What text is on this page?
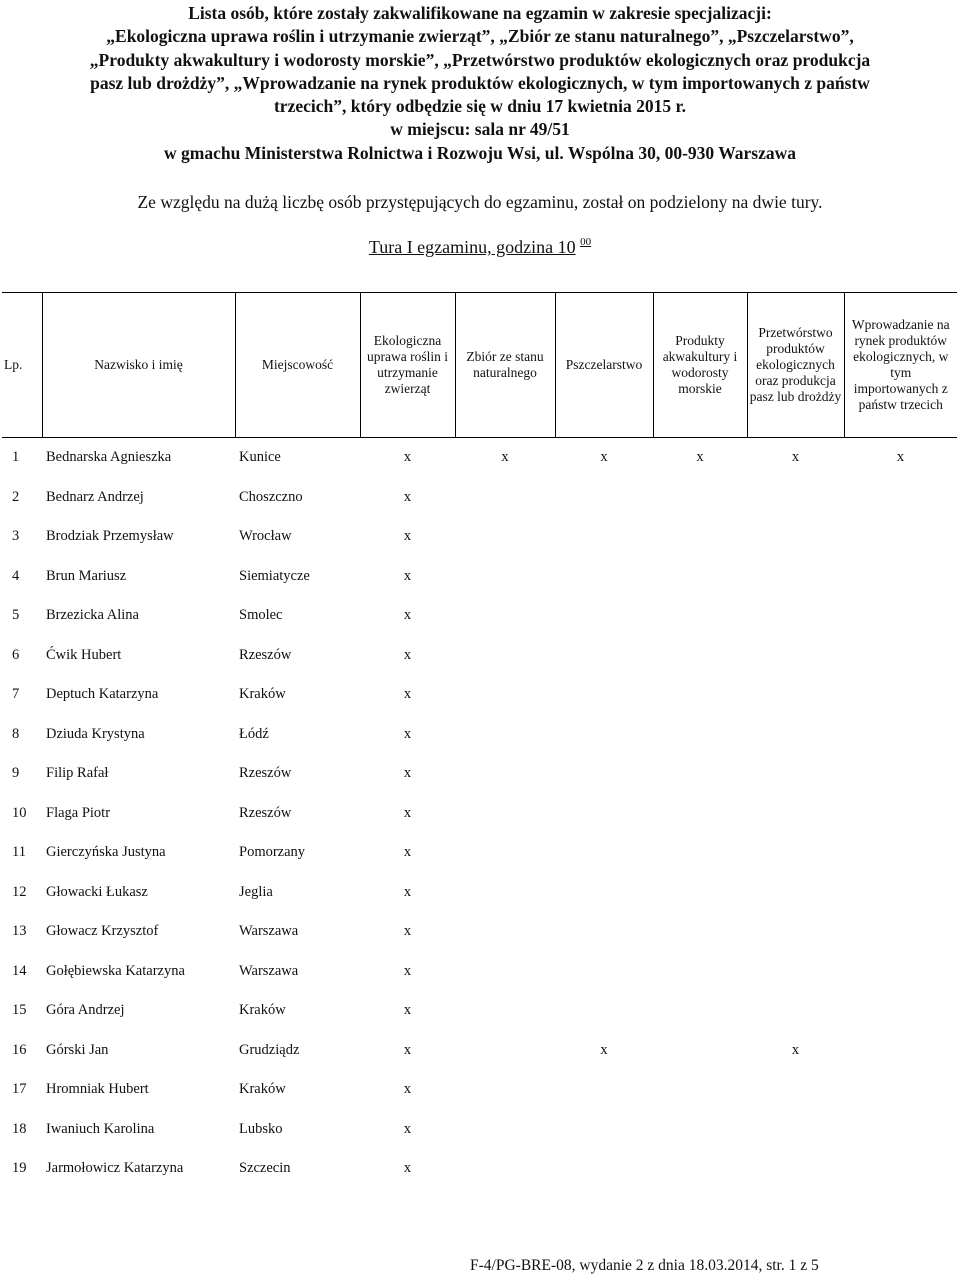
Lista osób, które zostały zakwalifikowane na egzamin w zakresie specjalizacji:
„Ekologiczna uprawa roślin i utrzymanie zwierząt”, „Zbiór ze stanu naturalnego”, „Pszczelarstwo”,
„Produkty akwakultury i wodorosty morskie”, „Przetwórstwo produktów ekologicznych oraz produkcja
pasz lub drożdży”, „Wprowadzanie na rynek produktów ekologicznych, w tym importowanych z państw
trzecich”, który odbędzie się w dniu 17 kwietnia 2015 r.
w miejscu: sala nr 49/51
w gmachu Ministerstwa Rolnictwa i Rozwoju Wsi, ul. Wspólna 30, 00-930 Warszawa
Ze względu na dużą liczbę osób przystępujących do egzaminu, został on podzielony na dwie tury.
Tura I egzaminu, godzina 10 $^{00}$
Lp.	Nazwisko i imię	Miejscowość	Ekologiczna uprawa roślin i utrzymanie zwierząt	Zbiór ze stanu naturalnego	Pszczelarstwo	Produkty akwakultury i wodorosty morskie	Przetwórstwo produktów ekologicznych oraz produkcja pasz lub drożdży	Wprowadzanie na rynek produktów ekologicznych, w tym importowanych z państw trzecich
1	Bednarska Agnieszka	Kunice	x	x	x	x	x	x
2	Bednarz Andrzej	Choszczno	x					
3	Brodziak Przemysław	Wrocław	x					
4	Brun Mariusz	Siemiatycze	x					
5	Brzezicka Alina	Smolec	x					
6	Ćwik Hubert	Rzeszów	x					
7	Deptuch Katarzyna	Kraków	x					
8	Dziuda Krystyna	Łódź	x					
9	Filip Rafał	Rzeszów	x					
10	Flaga Piotr	Rzeszów	x					
11	Gierczyńska Justyna	Pomorzany	x					
12	Głowacki Łukasz	Jeglia	x					
13	Głowacz Krzysztof	Warszawa	x					
14	Gołębiewska Katarzyna	Warszawa	x					
15	Góra Andrzej	Kraków	x					
16	Górski Jan	Grudziądz	x		x		x	
17	Hromniak Hubert	Kraków	x					
18	Iwaniuch Karolina	Lubsko	x					
19	Jarmołowicz Katarzyna	Szczecin	x					
F-4/PG-BRE-08, wydanie 2 z dnia 18.03.2014, str. 1 z 5
